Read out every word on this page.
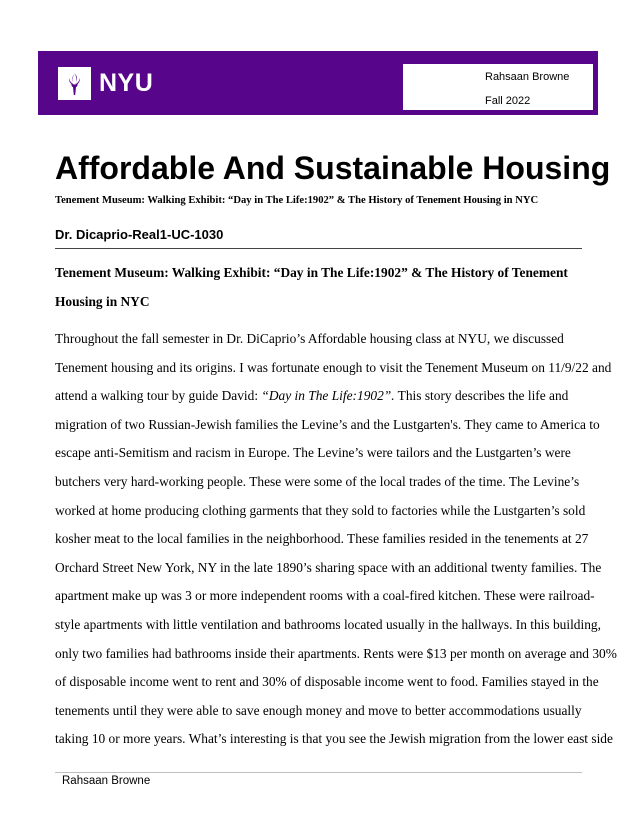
NYU	Rahsaan Browne
Fall 2022
Affordable And Sustainable Housing
Tenement Museum: Walking Exhibit: “Day in The Life:1902” & The History of Tenement Housing in NYC
Dr. Dicaprio-Real1-UC-1030
Tenement Museum: Walking Exhibit: “Day in The Life:1902” & The History of Tenement
Housing in NYC
Throughout the fall semester in Dr. DiCaprio’s Affordable housing class at NYU, we discussed
Tenement housing and its origins. I was fortunate enough to visit the Tenement Museum on 11/9/22 and
attend a walking tour by guide David: “Day in The Life:1902”. This story describes the life and
migration of two Russian-Jewish families the Levine’s and the Lustgarten's. They came to America to
escape anti-Semitism and racism in Europe. The Levine’s were tailors and the Lustgarten’s were
butchers very hard-working people. These were some of the local trades of the time. The Levine’s
worked at home producing clothing garments that they sold to factories while the Lustgarten’s sold
kosher meat to the local families in the neighborhood. These families resided in the tenements at 27
Orchard Street New York, NY in the late 1890’s sharing space with an additional twenty families. The
apartment make up was 3 or more independent rooms with a coal-fired kitchen. These were railroad-
style apartments with little ventilation and bathrooms located usually in the hallways. In this building,
only two families had bathrooms inside their apartments. Rents were $13 per month on average and 30%
of disposable income went to rent and 30% of disposable income went to food. Families stayed in the
tenements until they were able to save enough money and move to better accommodations usually
taking 10 or more years. What’s interesting is that you see the Jewish migration from the lower east side
Rahsaan Browne
